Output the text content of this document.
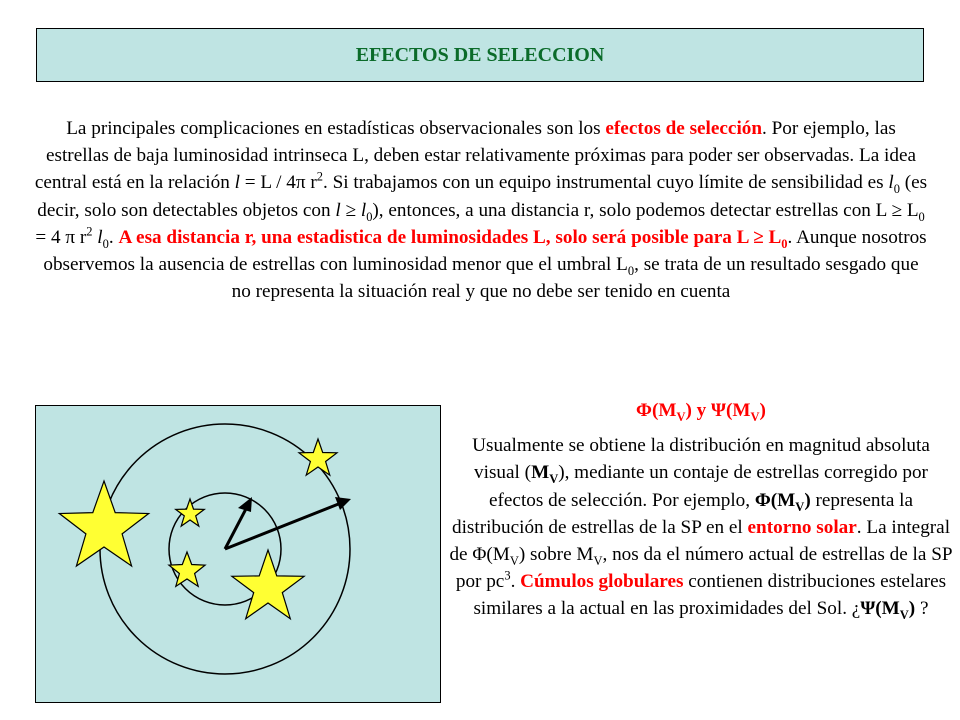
EFECTOS DE SELECCION
La principales complicaciones en estadísticas observacionales son los efectos de selección. Por ejemplo, las estrellas de baja luminosidad intrinseca L, deben estar relativamente próximas para poder ser observadas. La idea central está en la relación l = L / 4π $r^2$. Si trabajamos con un equipo instrumental cuyo límite de sensibilidad es $l_0$ (es decir, solo son detectables objetos con $l \ge l_0$), entonces, a una distancia r, solo podemos detectar estrellas con $L \ge L_0 = 4$ π $r^2$ $l_0$. A esa distancia r, una estadistica de luminosidades L, solo será posible para $L \ge L_0$. Aunque nosotros observemos la ausencia de estrellas con luminosidad menor que el umbral $L_0$, se trata de un resultado sesgado que no representa la situación real y que no debe ser tenido en cuenta
$\Phi(M_V)$ y $\Psi(M_V)$
Usualmente se obtiene la distribución en magnitud absoluta visual $(M_V)$, mediante un contaje de estrellas corregido por efectos de selección. Por ejemplo, $\Phi(M_V)$ representa la distribución de estrellas de la SP en el entorno solar. La integral de $\Phi(M_V)$ sobre $M_V$, nos da el número actual de estrellas de la SP por $pc^3$. Cúmulos globulares contienen distribuciones estelares similares a la actual en las proximidades del Sol. ¿$\Psi(M_V)$ ?
